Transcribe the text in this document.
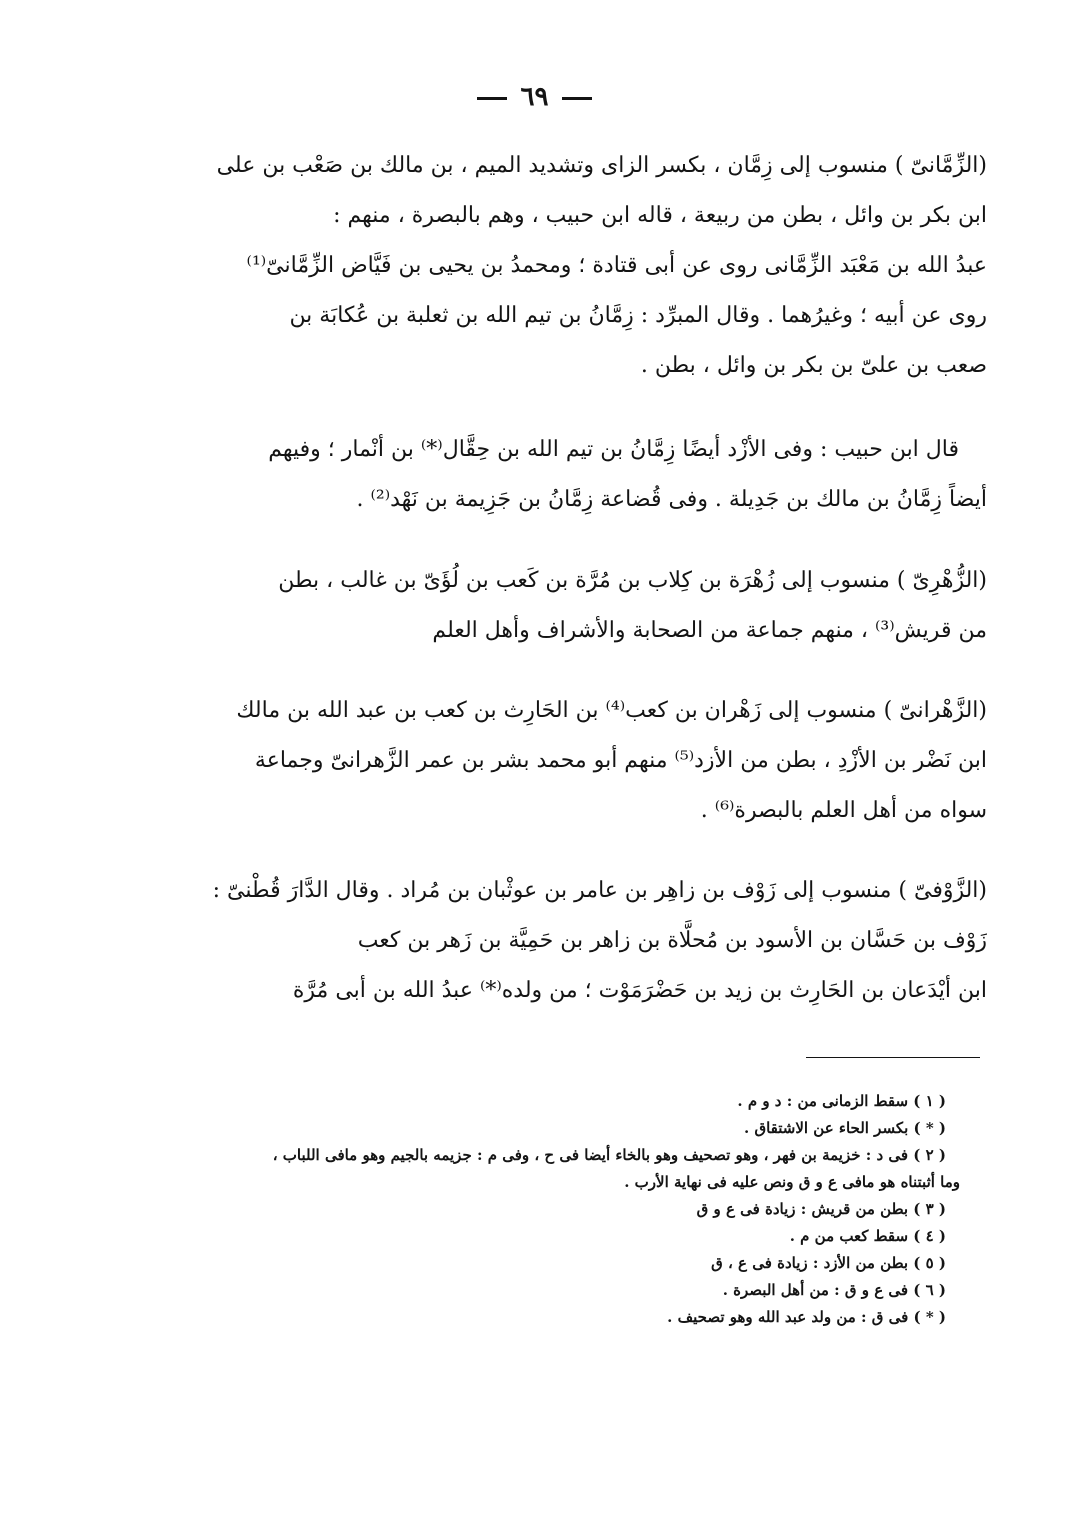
٦٩

(الزِّمَّانىّ ) منسوب إلى زِمَّان ، بكسر الزاى وتشديد الميم ، بن مالك بن صَعْب بن على
ابن بكر بن وائل ، بطن من ربيعة ، قاله ابن حبيب ، وهم بالبصرة ، منهم :
عبدُ الله بن مَعْبَد الزِّمَّانى روى عن أبى قتادة ؛ ومحمدُ بن يحيى بن فَيَّاض الزِّمَّانىّ⁽¹⁾
روى عن أبيه ؛ وغيرُهما . وقال المبرِّد : زِمَّانُ بن تيم الله بن ثعلبة بن عُكابَة بن
صعب بن علىّ بن بكر بن وائل ، بطن .

قال ابن حبيب : وفى الأزْد أيضًا زِمَّانُ بن تيم الله بن حِقَّال⁽*⁾ بن أنْمار ؛ وفيهم
أيضاً زِمَّانُ بن مالك بن جَدِيلة . وفى قُضاعة زِمَّانُ بن جَزِيمة بن نَهْد⁽²⁾ .

(الزُّهْرِىّ ) منسوب إلى زُهْرَة بن كِلاب بن مُرَّة بن كَعب بن لُؤَىّ بن غالب ، بطن
من قريش⁽³⁾ ، منهم جماعة من الصحابة والأشراف وأهل العلم

(الزَّهْرانىّ ) منسوب إلى زَهْران بن كعب⁽⁴⁾ بن الحَارِث بن كعب بن عبد الله بن مالك
ابن نَضْر بن الأزْدِ ، بطن من الأزد⁽⁵⁾ منهم أبو محمد بشر بن عمر الزَّهرانىّ وجماعة
سواه من أهل العلم بالبصرة⁽⁶⁾ .

(الزَّوْفىّ ) منسوب إلى زَوْف بن زاهِر بن عامر بن عوثْبان بن مُراد . وقال الدَّارَ قُطْنىّ :
زَوْف بن حَسَّان بن الأسود بن مُحلَّاة بن زاهر بن حَمِيَّة بن زَهر بن كعب
ابن أيْدَعان بن الحَارِث بن زيد بن حَضْرَمَوْت ؛ من ولده⁽*⁾ عبدُ الله بن أبى مُرَّة

( ١ ) سقط الزمانى من : د و م .
( * ) بكسر الحاء عن الاشتقاق .
( ٢ ) فى د : خزيمة بن فهر ، وهو تصحيف وهو بالخاء أيضا فى ح ، وفى م : جزيمه بالجيم وهو مافى اللباب ،
وما أثبتناه هو مافى ع و ق ونص عليه فى نهاية الأرب .
( ٣ ) بطن من قريش : زيادة فى ع و ق
( ٤ ) سقط كعب من م .
( ٥ ) بطن من الأزد : زيادة فى ع ، ق
( ٦ ) فى ع و ق : من أهل البصرة .
( * ) فى ق : من ولد عبد الله وهو تصحيف .
